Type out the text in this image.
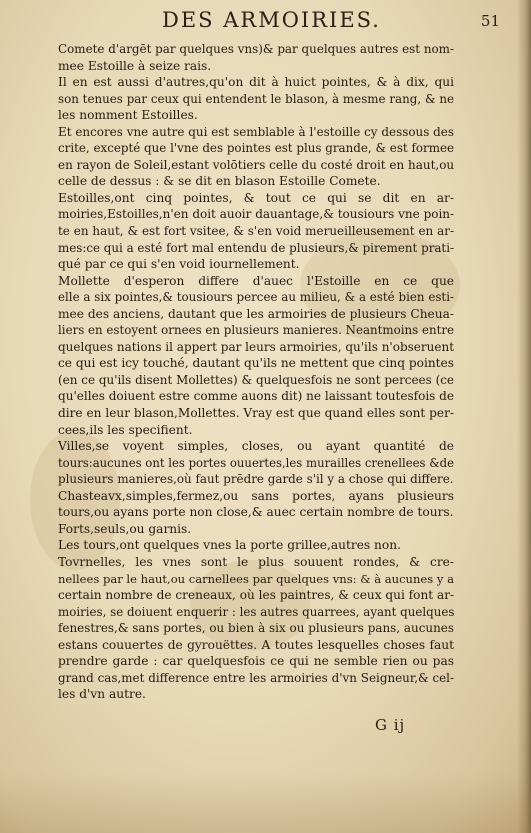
DES ARMOIRIES.	51
Comete d'argēt par quelques vns)& par quelques autres est nom-
mee Estoille à seize rais.
Il en est aussi d'autres,qu'on dit à huict pointes, & à dix, qui
son tenues par ceux qui entendent le blason, à mesme rang, & ne
les nomment Estoilles.
Et encores vne autre qui est semblable à l'estoille cy dessous des
crite, excepté que l'vne des pointes est plus grande, & est formee
en rayon de Soleil,estant volōtiers celle du costé droit en haut,ou
celle de dessus : & se dit en blason Estoille Comete.
Estoilles,ont cinq pointes, & tout ce qui se dit en ar-
moiries,Estoilles,n'en doit auoir dauantage,& tousiours vne poin-
te en haut, & est fort vsitee, & s'en void merueilleusement en ar-
mes:ce qui a esté fort mal entendu de plusieurs,& pirement prati-
qué par ce qui s'en void iournellement.
Mollette d'esperon differe d'auec l'Estoille en ce que
elle a six pointes,& tousiours percee au milieu, & a esté bien esti-
mee des anciens, dautant que les armoiries de plusieurs Cheua-
liers en estoyent ornees en plusieurs manieres. Neantmoins entre
quelques nations il appert par leurs armoiries, qu'ils n'obseruent
ce qui est icy touché, dautant qu'ils ne mettent que cinq pointes
(en ce qu'ils disent Mollettes) & quelquesfois ne sont percees (ce
qu'elles doiuent estre comme auons dit) ne laissant toutesfois de
dire en leur blason,Mollettes. Vray est que quand elles sont per-
cees,ils les specifient.
Villes,se voyent simples, closes, ou ayant quantité de
tours:aucunes ont les portes ouuertes,les murailles crenellees &de
plusieurs manieres,où faut prēdre garde s'il y a chose qui differe.
Chasteavx,simples,fermez,ou sans portes, ayans plusieurs
tours,ou ayans porte non close,& auec certain nombre de tours.
Forts,seuls,ou garnis.
Les tours,ont quelques vnes la porte grillee,autres non.
Tovrnelles, les vnes sont le plus souuent rondes, & cre-
nellees par le haut,ou carnellees par quelques vns: & à aucunes y a
certain nombre de creneaux, où les paintres, & ceux qui font ar-
moiries, se doiuent enquerir : les autres quarrees, ayant quelques
fenestres,& sans portes, ou bien à six ou plusieurs pans, aucunes
estans couuertes de gyrouëttes. A toutes lesquelles choses faut
prendre garde : car quelquesfois ce qui ne semble rien ou pas
grand cas,met difference entre les armoiries d'vn Seigneur,& cel-
les d'vn autre.
G ij
